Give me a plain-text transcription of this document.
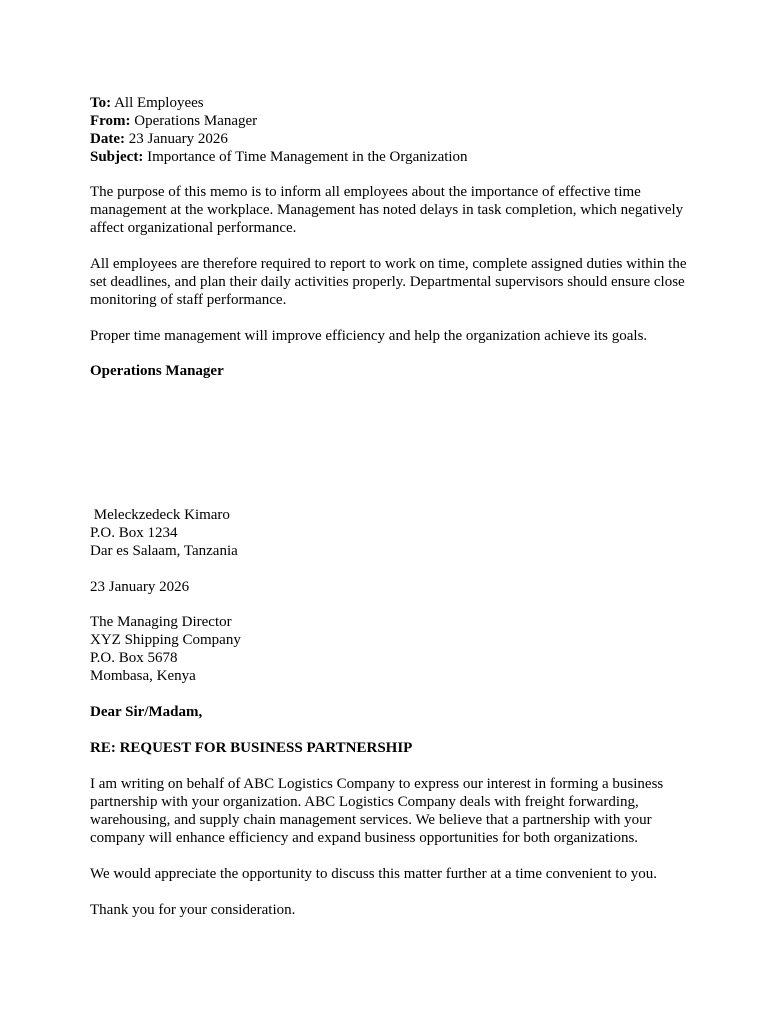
To: All Employees
From: Operations Manager
Date: 23 January 2026
Subject: Importance of Time Management in the Organization

The purpose of this memo is to inform all employees about the importance of effective time management at the workplace. Management has noted delays in task completion, which negatively affect organizational performance.

All employees are therefore required to report to work on time, complete assigned duties within the set deadlines, and plan their daily activities properly. Departmental supervisors should ensure close monitoring of staff performance.

Proper time management will improve efficiency and help the organization achieve its goals.

Operations Manager

Meleckzedeck Kimaro
P.O. Box 1234
Dar es Salaam, Tanzania

23 January 2026

The Managing Director
XYZ Shipping Company
P.O. Box 5678
Mombasa, Kenya

Dear Sir/Madam,

RE: REQUEST FOR BUSINESS PARTNERSHIP

I am writing on behalf of ABC Logistics Company to express our interest in forming a business partnership with your organization. ABC Logistics Company deals with freight forwarding, warehousing, and supply chain management services. We believe that a partnership with your company will enhance efficiency and expand business opportunities for both organizations.

We would appreciate the opportunity to discuss this matter further at a time convenient to you.

Thank you for your consideration.
